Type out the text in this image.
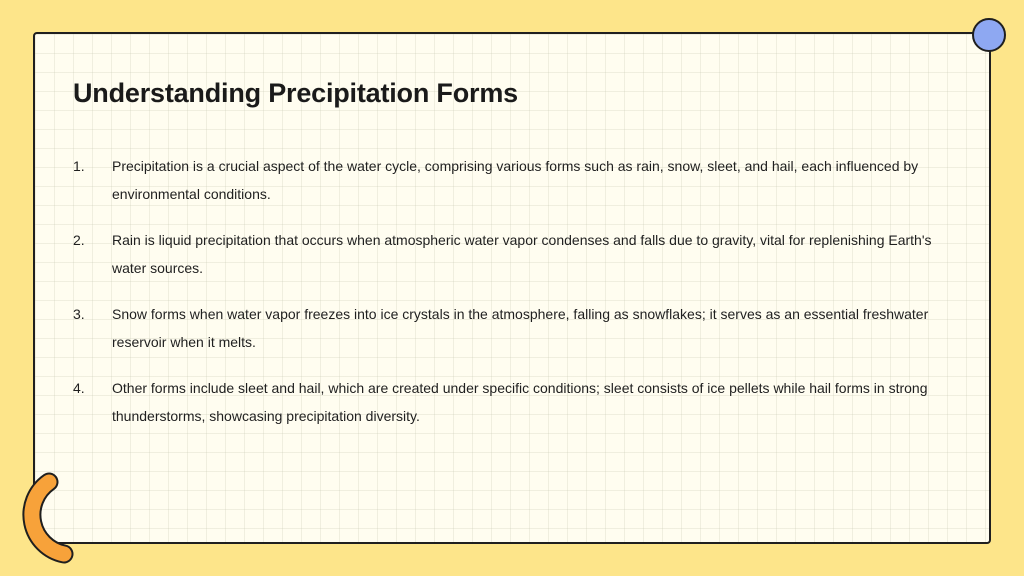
Understanding Precipitation Forms
1.	Precipitation is a crucial aspect of the water cycle, comprising various forms such as rain, snow, sleet, and hail, each influenced by environmental conditions.
2.	Rain is liquid precipitation that occurs when atmospheric water vapor condenses and falls due to gravity, vital for replenishing Earth's water sources.
3.	Snow forms when water vapor freezes into ice crystals in the atmosphere, falling as snowflakes; it serves as an essential freshwater reservoir when it melts.
4.	Other forms include sleet and hail, which are created under specific conditions; sleet consists of ice pellets while hail forms in strong thunderstorms, showcasing precipitation diversity.
